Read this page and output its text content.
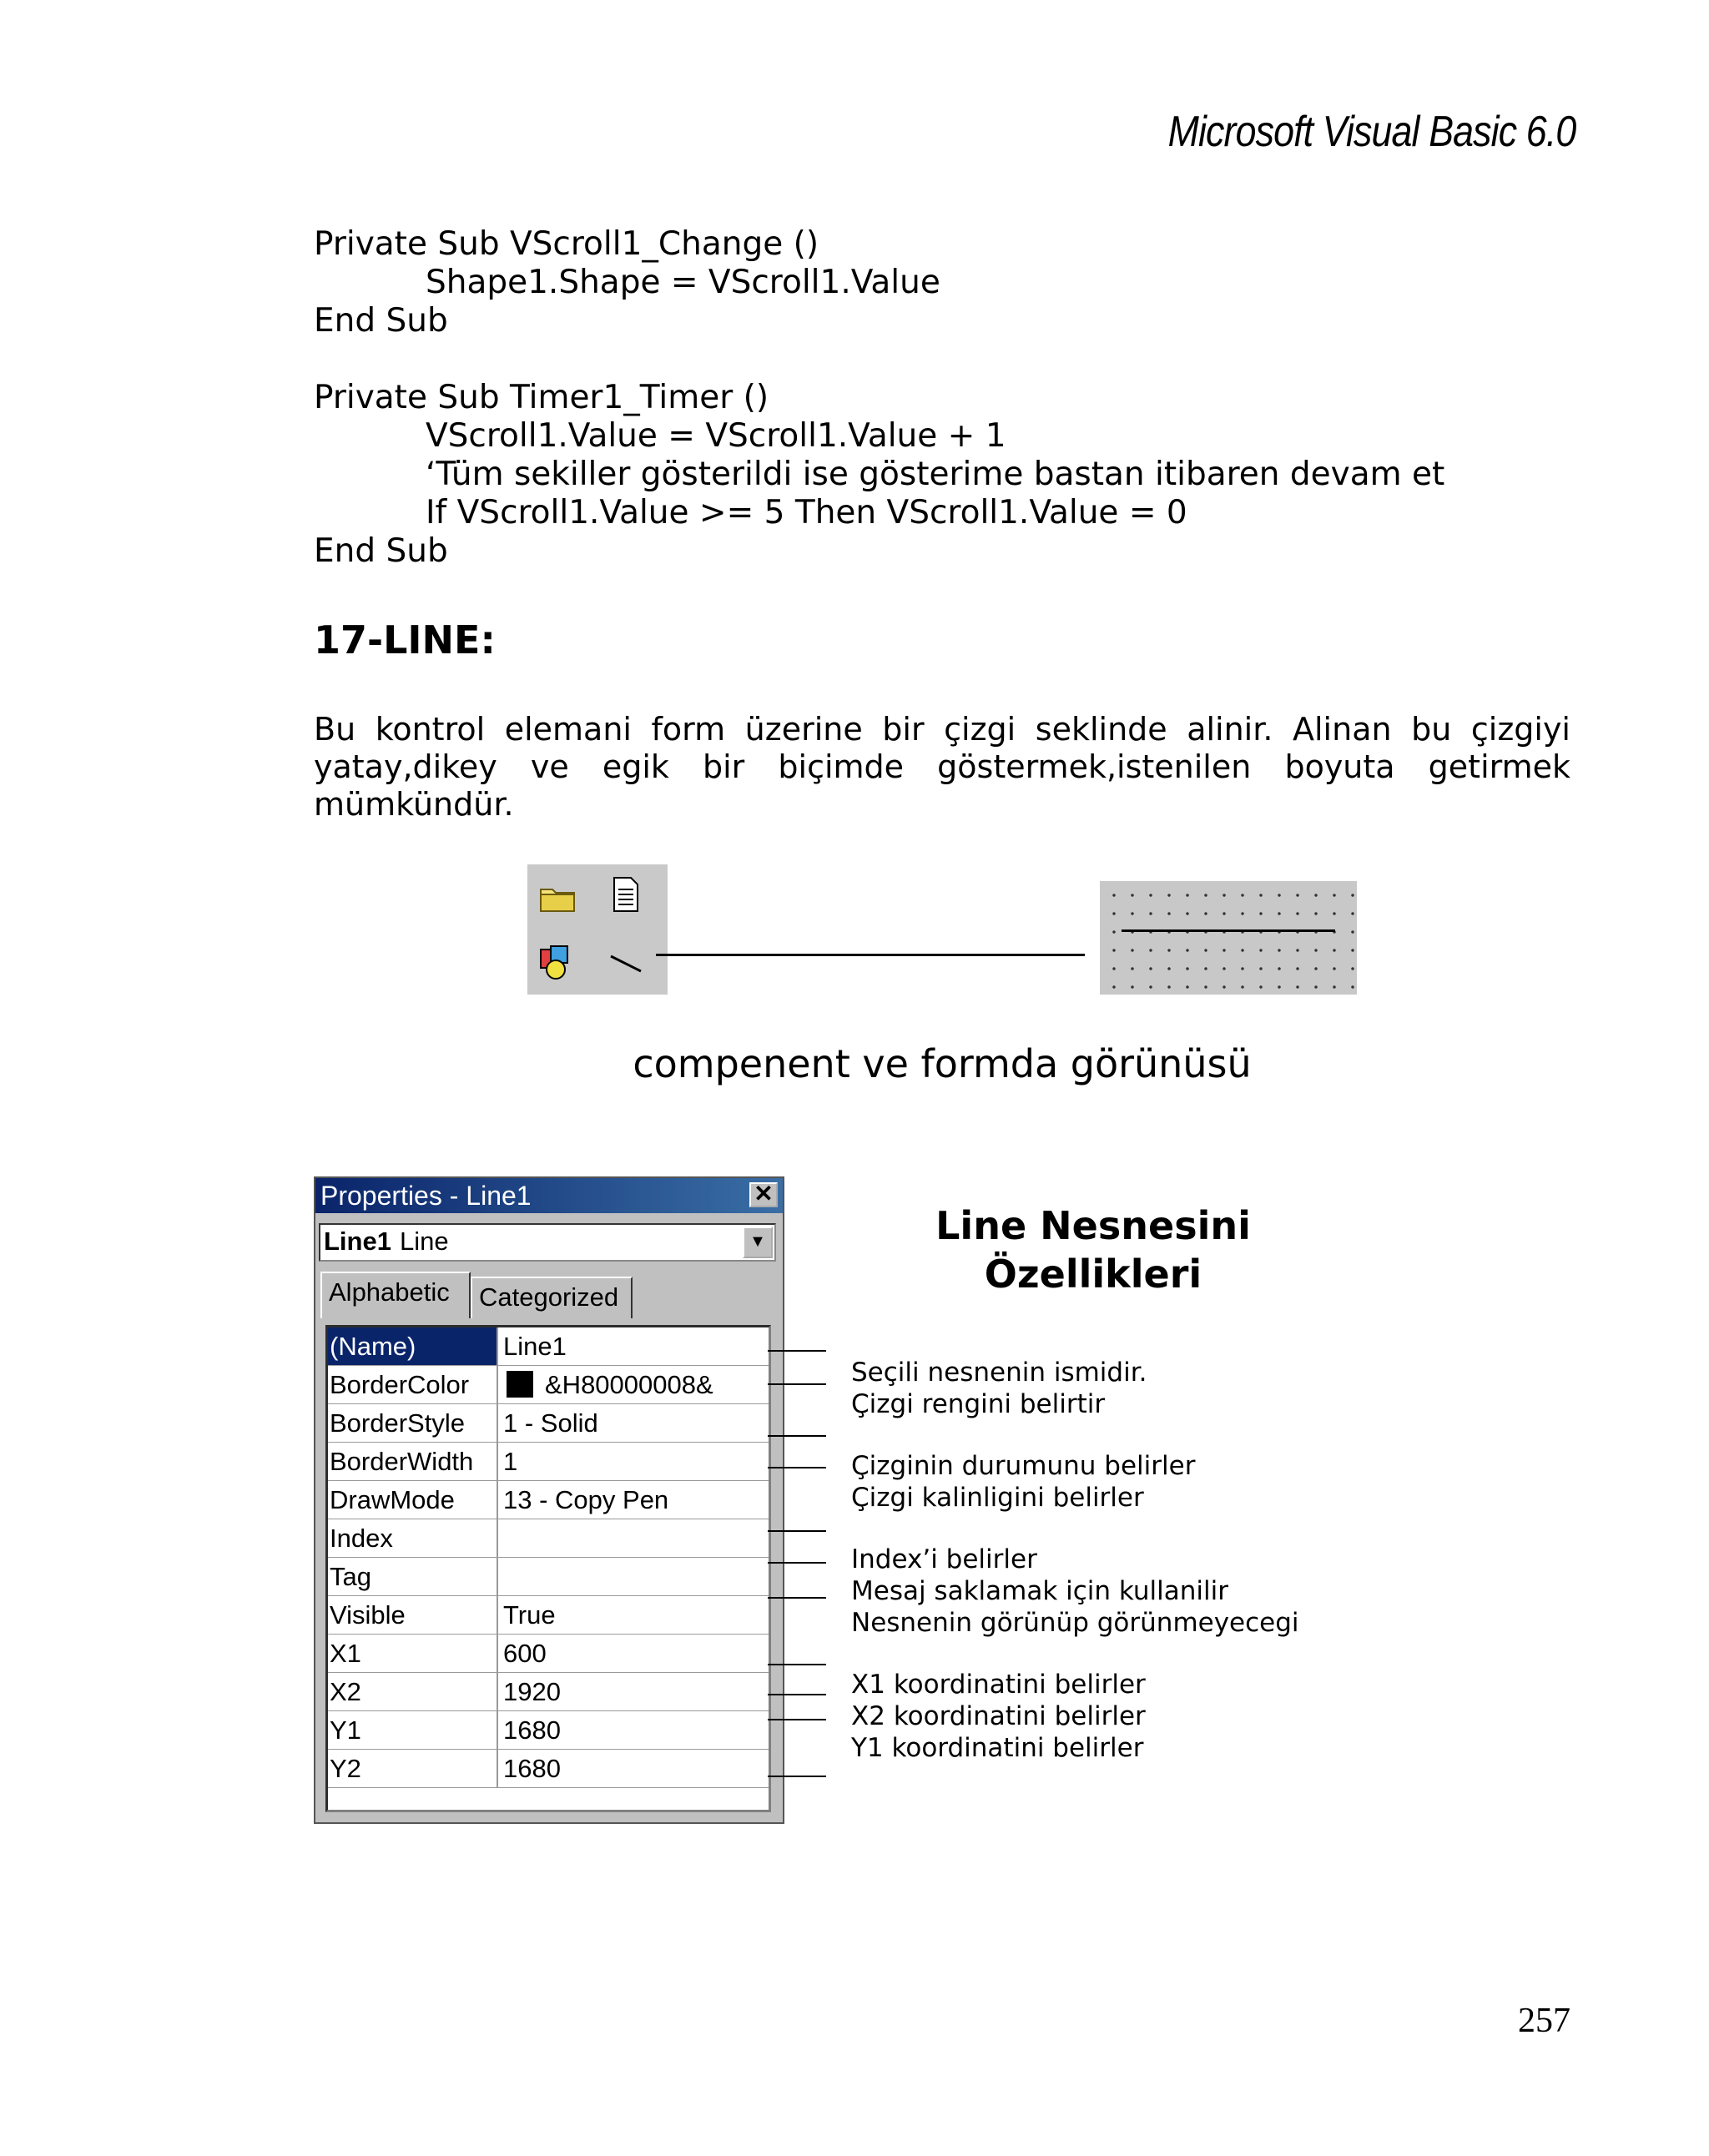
Microsoft Visual Basic 6.0
Private Sub VScroll1_Change ()
Shape1.Shape = VScroll1.Value
End Sub
Private Sub Timer1_Timer ()
VScroll1.Value = VScroll1.Value + 1
‘Tüm sekiller gösterildi ise gösterime bastan itibaren devam et
If VScroll1.Value >= 5 Then VScroll1.Value = 0
End Sub
17-LINE:
Bu kontrol elemani form üzerine bir çizgi seklinde alinir. Alinan bu çizgiyi
yatay,dikey ve egik bir biçimde göstermek,istenilen boyuta getirmek
mümkündür.
compenent ve formda görünüsü
Properties - Line1	✕
Line1 Line	▼
Alphabetic	Categorized
(Name)	Line1
BorderColor	&H80000008&
BorderStyle	1 - Solid
BorderWidth	1
DrawMode	13 - Copy Pen
Index
Tag
Visible	True
X1	600
X2	1920
Y1	1680
Y2	1680
Line Nesnesini
Özellikleri
Seçili nesnenin ismidir.
Çizgi rengini belirtir
Çizginin durumunu belirler
Çizgi kalinligini belirler
Index’i belirler
Mesaj saklamak için kullanilir
Nesnenin görünüp görünmeyecegi
X1 koordinatini belirler
X2 koordinatini belirler
Y1 koordinatini belirler
257
